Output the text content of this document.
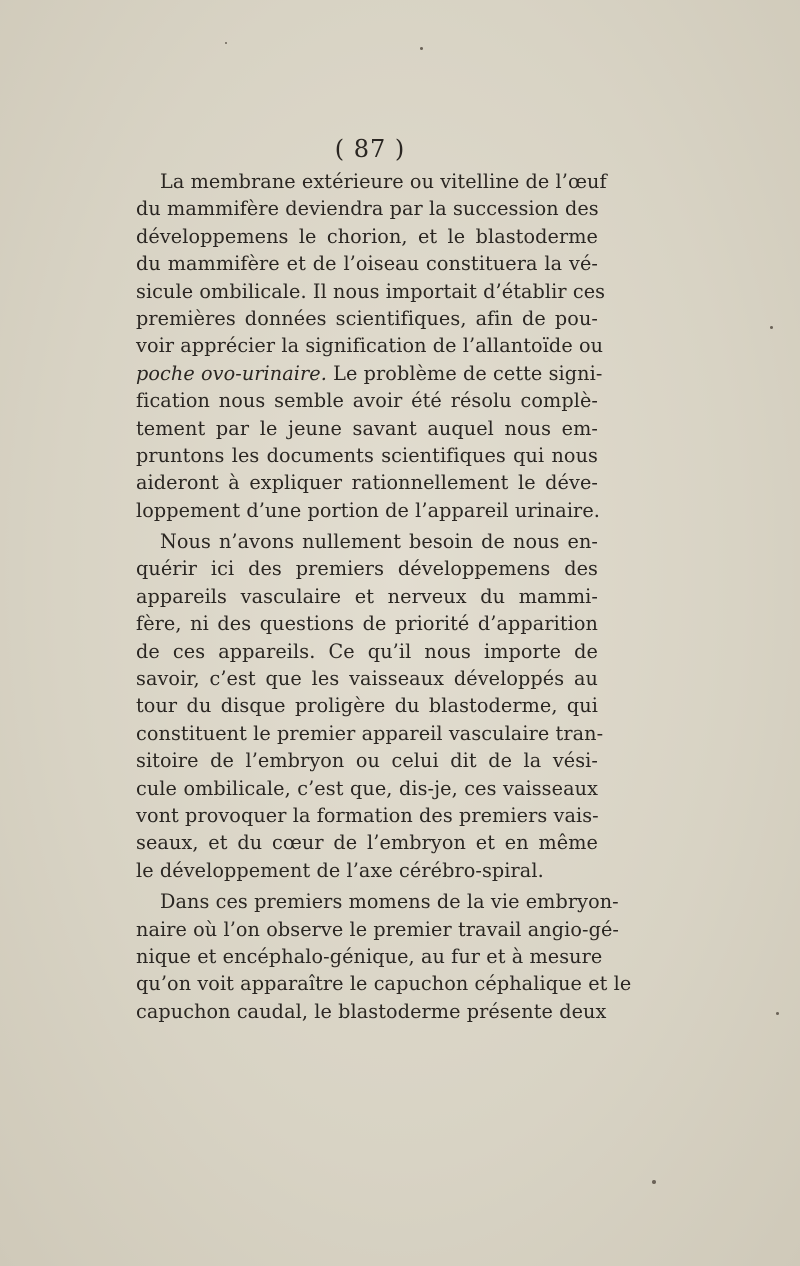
( 87 )
La membrane extérieure ou vitelline de l’œuf
du mammifère deviendra par la succession des
développemens le chorion, et le blastoderme
du mammifère et de l’oiseau constituera la vé-
sicule ombilicale. Il nous importait d’établir ces
premières données scientifiques, afin de pou-
voir apprécier la signification de l’allantoïde ou
poche ovo-urinaire. Le problème de cette signi-
fication nous semble avoir été résolu complè-
tement par le jeune savant auquel nous em-
pruntons les documents scientifiques qui nous
aideront à expliquer rationnellement le déve-
loppement d’une portion de l’appareil urinaire.
Nous n’avons nullement besoin de nous en-
quérir ici des premiers développemens des
appareils vasculaire et nerveux du mammi-
fère, ni des questions de priorité d’apparition
de ces appareils. Ce qu’il nous importe de
savoir, c’est que les vaisseaux développés au
tour du disque proligère du blastoderme, qui
constituent le premier appareil vasculaire tran-
sitoire de l’embryon ou celui dit de la vési-
cule ombilicale, c’est que, dis-je, ces vaisseaux
vont provoquer la formation des premiers vais-
seaux, et du cœur de l’embryon et en même
le développement de l’axe cérébro-spiral.
Dans ces premiers momens de la vie embryon-
naire où l’on observe le premier travail angio-gé-
nique et encéphalo-génique, au fur et à mesure
qu’on voit apparaître le capuchon céphalique et le
capuchon caudal, le blastoderme présente deux
